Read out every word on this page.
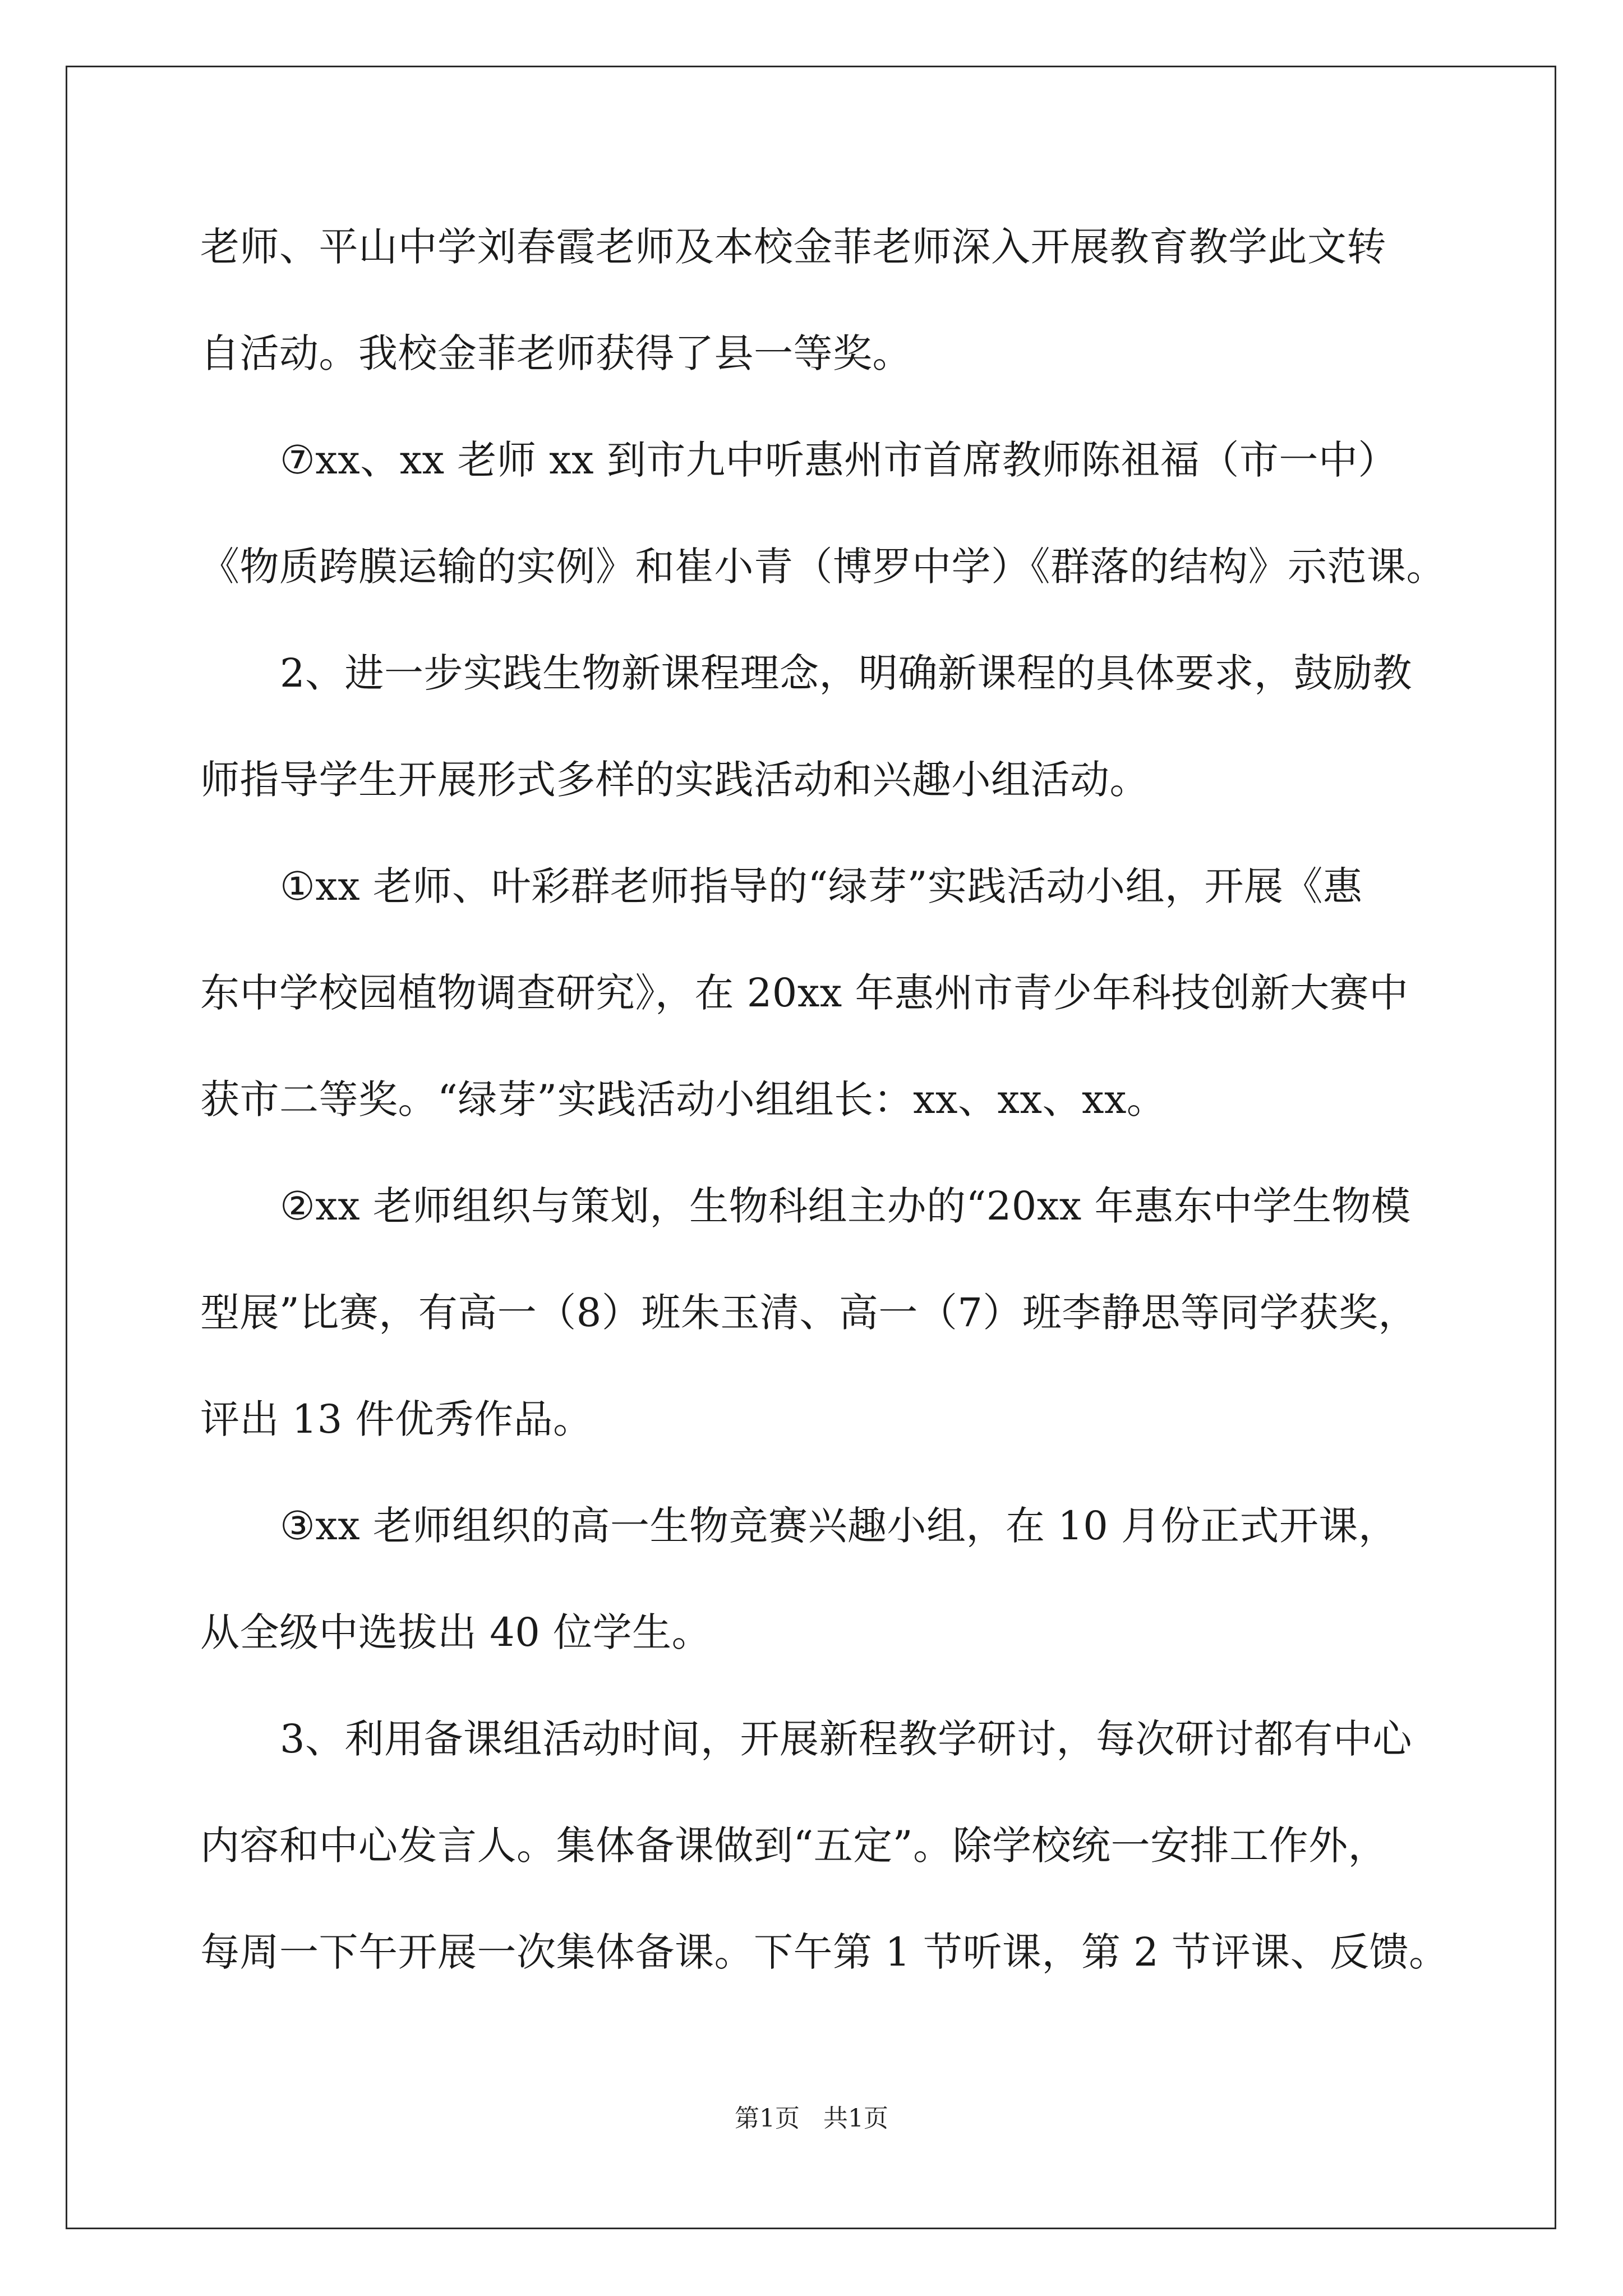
老师、平山中学刘春霞老师及本校金菲老师深入开展教育教学此文转
自活动。我校金菲老师获得了县一等奖。
⑦xx、xx 老师 xx 到市九中听惠州市首席教师陈祖福（市一中）
《物质跨膜运输的实例》和崔小青（博罗中学）《群落的结构》示范课。
2、进一步实践生物新课程理念，明确新课程的具体要求，鼓励教
师指导学生开展形式多样的实践活动和兴趣小组活动。
①xx 老师、叶彩群老师指导的“绿芽”实践活动小组，开展《惠
东中学校园植物调查研究》，在 20xx 年惠州市青少年科技创新大赛中
获市二等奖。“绿芽”实践活动小组组长：xx、xx、xx。
②xx 老师组织与策划，生物科组主办的“20xx 年惠东中学生物模
型展”比赛，有高一（8）班朱玉清、高一（7）班李静思等同学获奖，
评出 13 件优秀作品。
③xx 老师组织的高一生物竞赛兴趣小组，在 10 月份正式开课，
从全级中选拔出 40 位学生。
3、利用备课组活动时间，开展新程教学研讨，每次研讨都有中心
内容和中心发言人。集体备课做到“五定”。除学校统一安排工作外，
每周一下午开展一次集体备课。下午第 1 节听课，第 2 节评课、反馈。
第1页   共1页
